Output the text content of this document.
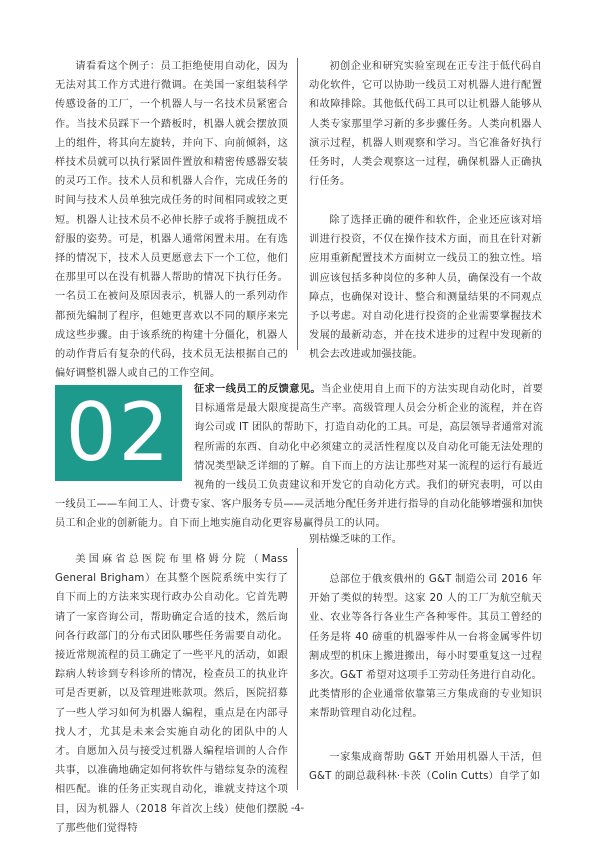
请看看这个例子：员工拒绝使用自动化，因为无法对其工作方式进行微调。在美国一家组装科学传感设备的工厂，一个机器人与一名技术员紧密合作。当技术员踩下一个踏板时，机器人就会摆放顶上的组件，将其向左旋转，并向下、向前倾斜，这样技术员就可以执行紧固件置放和精密传感器安装的灵巧工作。技术人员和机器人合作，完成任务的时间与技术人员单独完成任务的时间相同或较之更短。机器人让技术员不必伸长脖子或将手腕扭成不舒服的姿势。可是，机器人通常闲置未用。在有选择的情况下，技术人员更愿意去下一个工位，他们在那里可以在没有机器人帮助的情况下执行任务。一名员工在被问及原因表示，机器人的一系列动作都预先编制了程序，但她更喜欢以不同的顺序来完成这些步骤。由于该系统的构建十分僵化，机器人的动作背后有复杂的代码，技术员无法根据自己的偏好调整机器人或自己的工作空间。

初创企业和研究实验室现在正专注于低代码自动化软件，它可以协助一线员工对机器人进行配置和故障排除。其他低代码工具可以让机器人能够从人类专家那里学习新的多步骤任务。人类向机器人演示过程，机器人则观察和学习。当它准备好执行任务时，人类会观察这一过程，确保机器人正确执行任务。

除了选择正确的硬件和软件，企业还应该对培训进行投资，不仅在操作技术方面，而且在针对新应用重新配置技术方面树立一线员工的独立性。培训应该包括多种岗位的多种人员，确保没有一个故障点，也确保对设计、整合和测量结果的不同观点予以考虑。对自动化进行投资的企业需要掌握技术发展的最新动态，并在技术进步的过程中发现新的机会去改进或加强技能。

征求一线员工的反馈意见。当企业使用自上而下的方法实现自动化时，首要目标通常是最大限度提高生产率。高级管理人员会分析企业的流程，并在咨询公司或 IT 团队的帮助下，打造自动化的工具。可是，高层领导者通常对流程所需的东西、自动化中必须建立的灵活性程度以及自动化可能无法处理的情况类型缺乏详细的了解。自下而上的方法让那些对某一流程的运行有最近视角的一线员工负责建议和开发它的自动化方式。我们的研究表明，可以由一线员工——车间工人、计费专家、客户服务专员——灵活地分配任务并进行指导的自动化能够增强和加快员工和企业的创新能力。自下而上地实施自动化更容易赢得员工的认同。
02

美国麻省总医院布里格姆分院（Mass General Brigham）在其整个医院系统中实行了自下而上的方法来实现行政办公自动化。它首先聘请了一家咨询公司，帮助确定合适的技术，然后询问各行政部门的分布式团队哪些任务需要自动化。接近常规流程的员工确定了一些平凡的活动，如跟踪病人转诊到专科诊所的情况，检查员工的执业许可是否更新，以及管理进账款项。然后，医院招募了一些人学习如何为机器人编程，重点是在内部寻找人才，尤其是未来会实施自动化的团队中的人才。自愿加入员与接受过机器人编程培训的人合作共事，以准确地确定如何将软件与错综复杂的流程相匹配。谁的任务正实现自动化，谁就支持这个项目，因为机器人（2018 年首次上线）使他们摆脱了那些他们觉得特

别枯燥乏味的工作。

总部位于俄亥俄州的 G&T 制造公司 2016 年开始了类似的转型。这家 20 人的工厂为航空航天业、农业等各行各业生产各种零件。其员工曾经的任务是将 40 磅重的机器零件从一台将金属零件切割成型的机床上搬进搬出，每小时要重复这一过程多次。G&T 希望对这项手工劳动任务进行自动化。此类情形的企业通常依靠第三方集成商的专业知识来帮助管理自动化过程。

一家集成商帮助 G&T 开始用机器人干活，但 G&T 的副总裁科林·卡茨（Colin Cutts）自学了如

-4-
